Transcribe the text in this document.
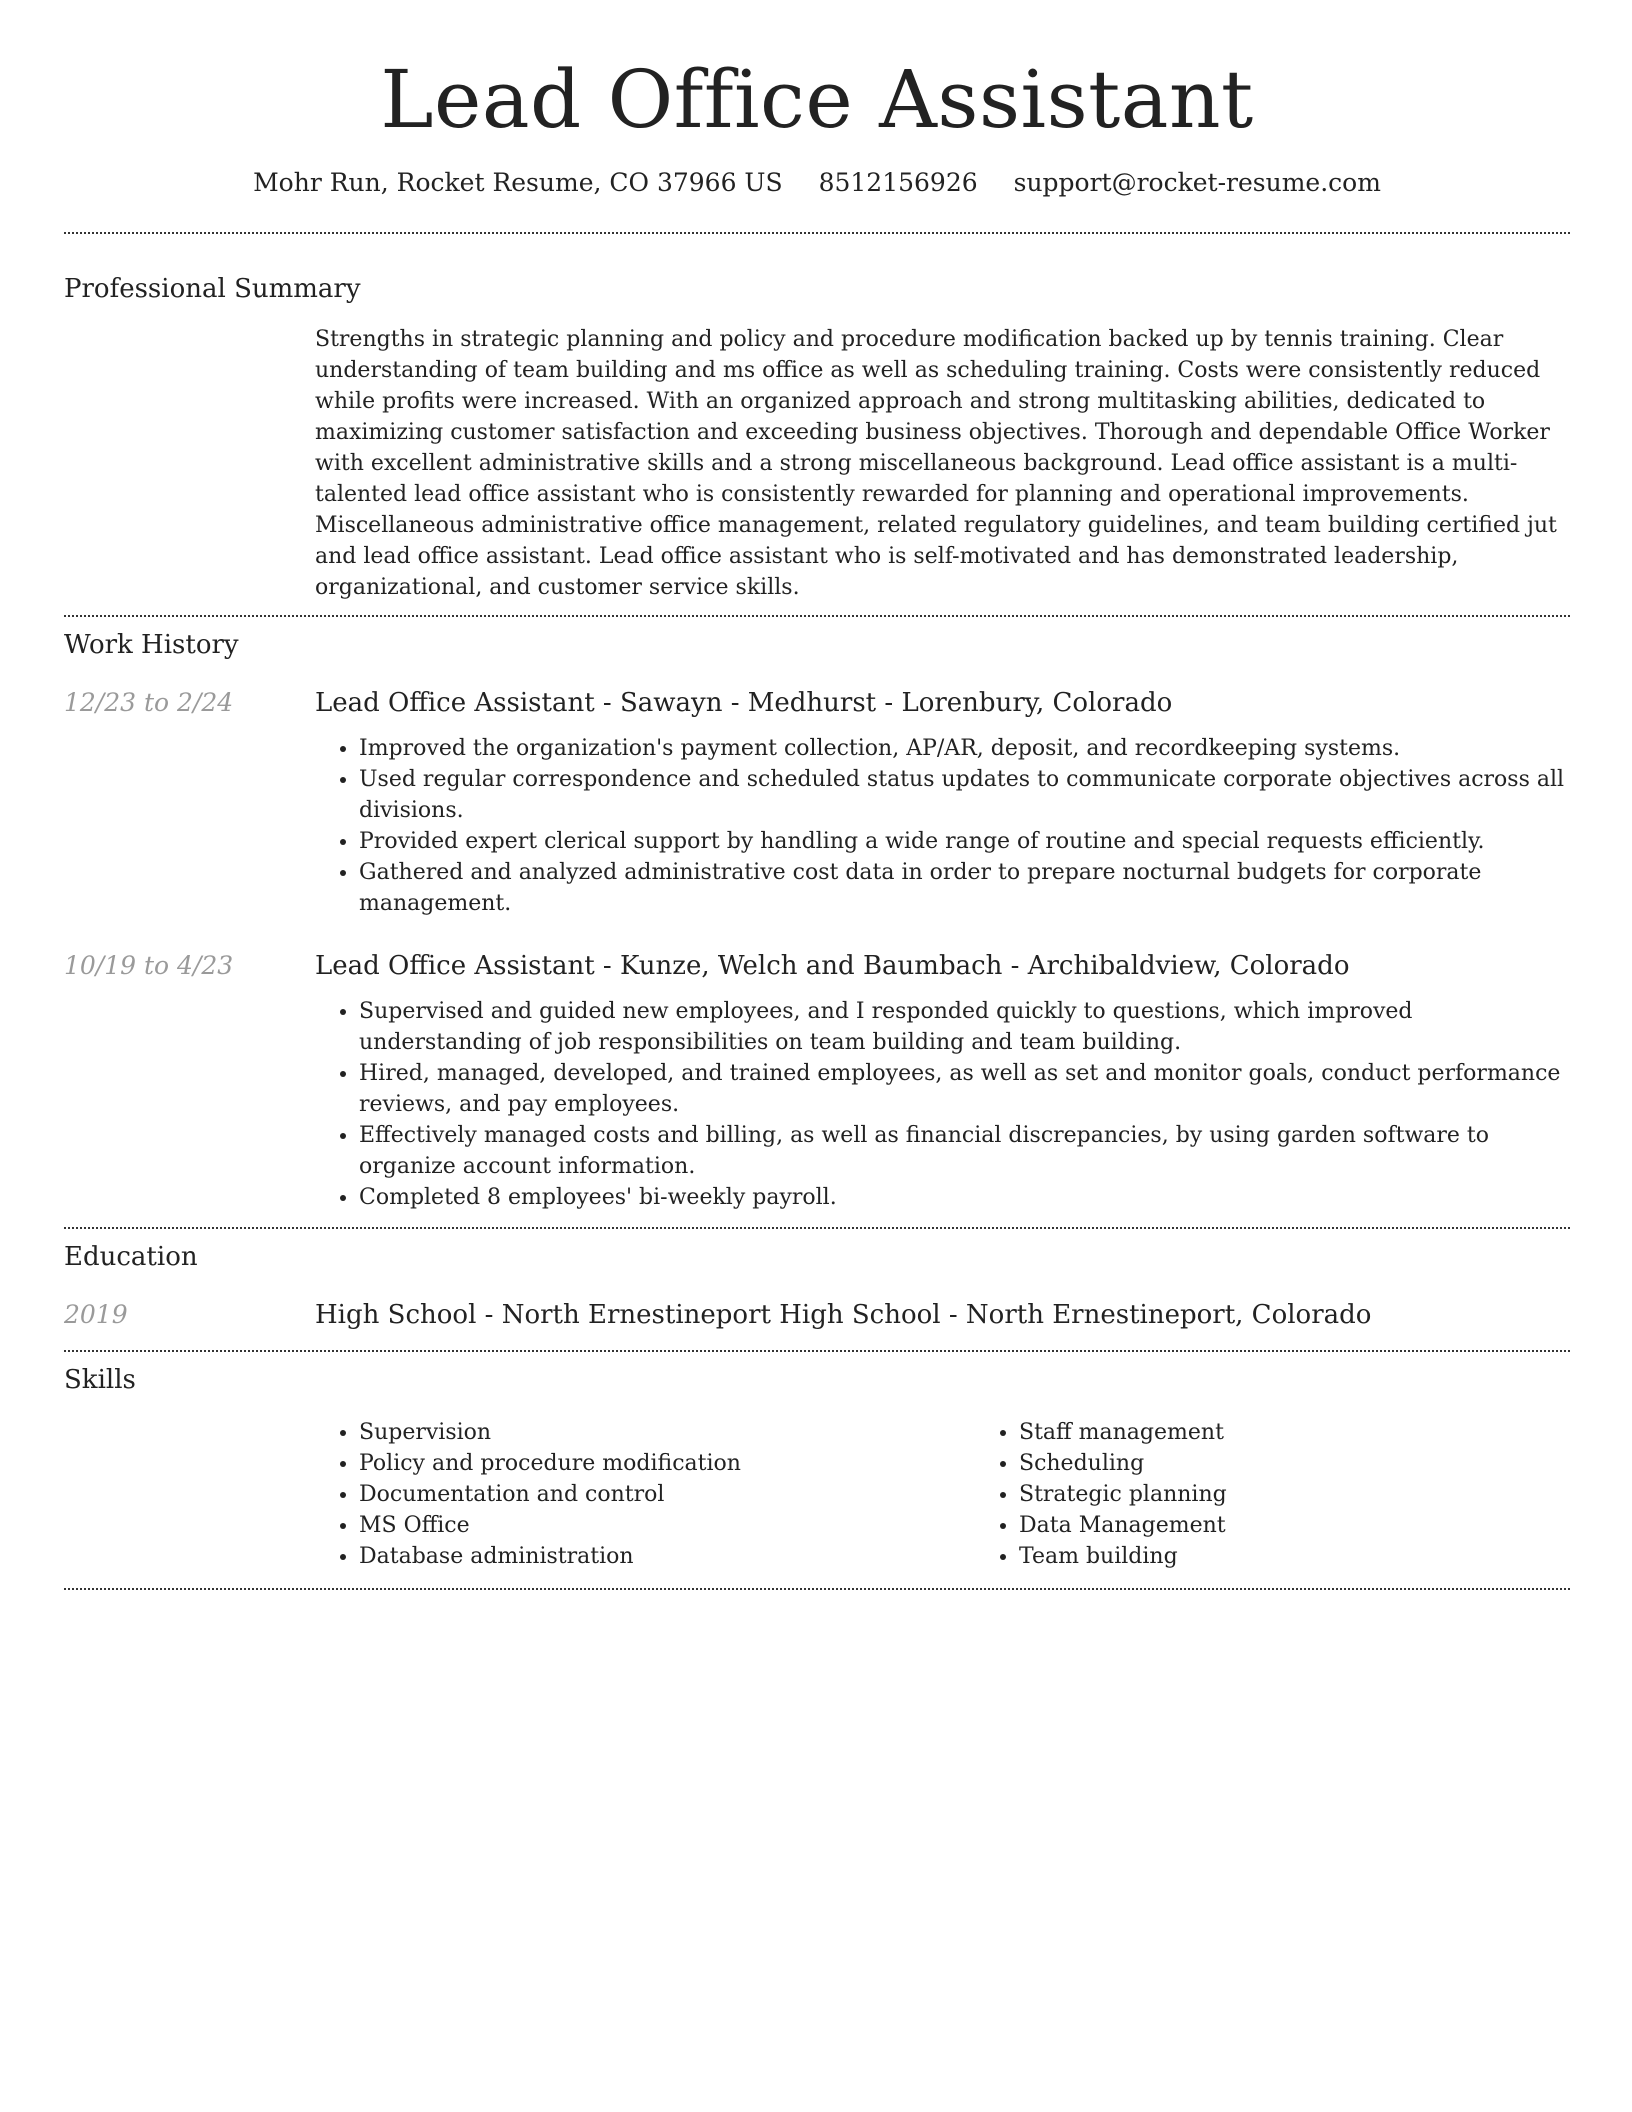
Lead Office Assistant
Mohr Run, Rocket Resume, CO 37966 US 8512156926 support@rocket-resume.com
Professional Summary

Strengths in strategic planning and policy and procedure modification backed up by tennis training. Clear understanding of team building and ms office as well as scheduling training. Costs were consistently reduced while profits were increased. With an organized approach and strong multitasking abilities, dedicated to maximizing customer satisfaction and exceeding business objectives. Thorough and dependable Office Worker with excellent administrative skills and a strong miscellaneous background. Lead office assistant is a multi-talented lead office assistant who is consistently rewarded for planning and operational improvements. Miscellaneous administrative office management, related regulatory guidelines, and team building certified jut and lead office assistant. Lead office assistant who is self-motivated and has demonstrated leadership, organizational, and customer service skills.

Work History
12/23 to 2/24	Lead Office Assistant - Sawayn - Medhurst - Lorenbury, Colorado
• Improved the organization's payment collection, AP/AR, deposit, and recordkeeping systems.
• Used regular correspondence and scheduled status updates to communicate corporate objectives across all divisions.
• Provided expert clerical support by handling a wide range of routine and special requests efficiently.
• Gathered and analyzed administrative cost data in order to prepare nocturnal budgets for corporate management.
10/19 to 4/23	Lead Office Assistant - Kunze, Welch and Baumbach - Archibaldview, Colorado
• Supervised and guided new employees, and I responded quickly to questions, which improved understanding of job responsibilities on team building and team building.
• Hired, managed, developed, and trained employees, as well as set and monitor goals, conduct performance reviews, and pay employees.
• Effectively managed costs and billing, as well as financial discrepancies, by using garden software to organize account information.
• Completed 8 employees' bi-weekly payroll.
Education
2019	High School - North Ernestineport High School - North Ernestineport, Colorado
Skills
• Supervision
• Policy and procedure modification
• Documentation and control
• MS Office
• Database administration
• Staff management
• Scheduling
• Strategic planning
• Data Management
• Team building
